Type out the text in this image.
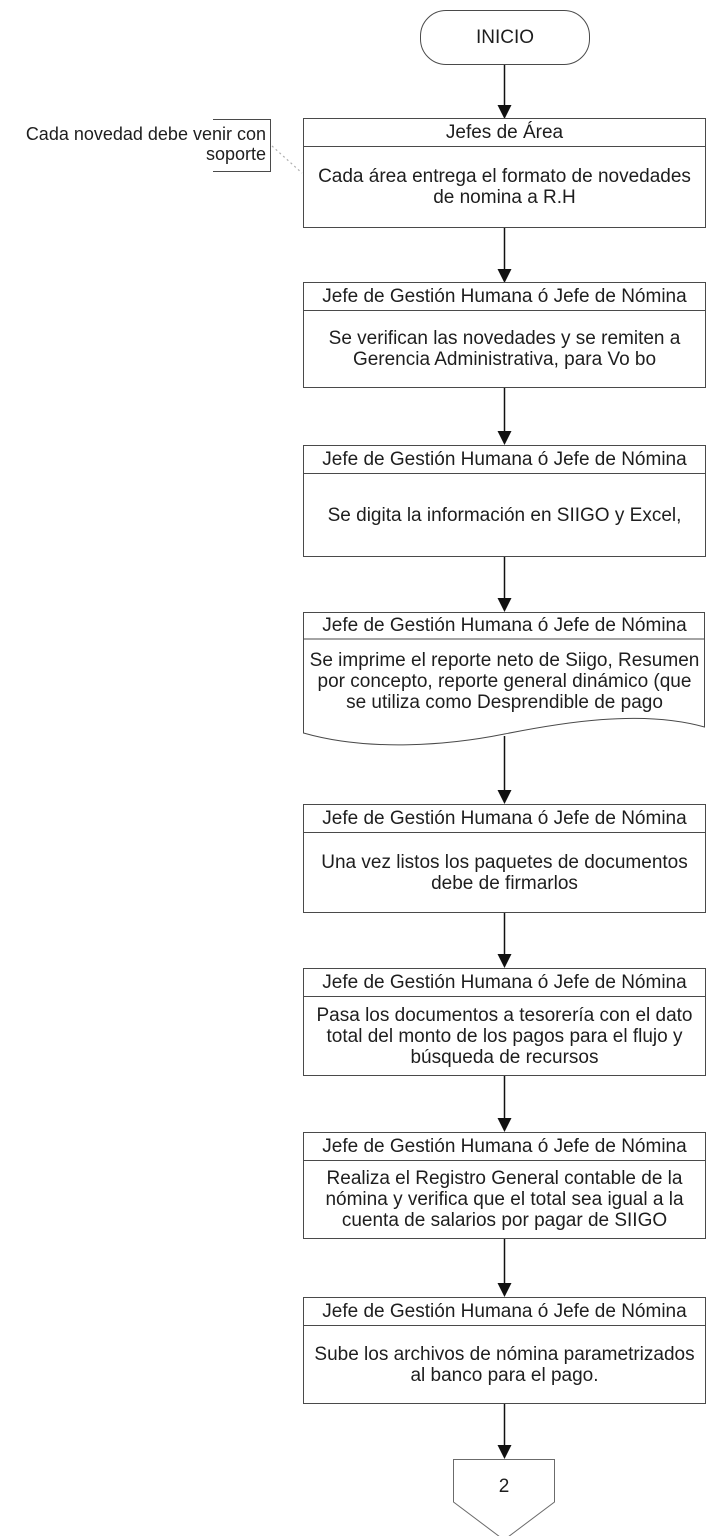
INICIO
Cada novedad debe venir con soporte
Jefes de Área
Cada área entrega el formato de novedades de nomina a R.H
Jefe de Gestión Humana ó Jefe de Nómina
Se verifican las novedades y se remiten a Gerencia Administrativa, para Vo bo
Jefe de Gestión Humana ó Jefe de Nómina
Se digita la información en SIIGO y Excel,
Jefe de Gestión Humana ó Jefe de Nómina
Se imprime el reporte neto de Siigo, Resumen por concepto, reporte general dinámico (que se utiliza como Desprendible de pago
Jefe de Gestión Humana ó Jefe de Nómina
Una vez listos los paquetes de documentos debe de firmarlos
Jefe de Gestión Humana ó Jefe de Nómina
Pasa los documentos a tesorería con el dato total del monto de los pagos para el flujo y búsqueda de recursos
Jefe de Gestión Humana ó Jefe de Nómina
Realiza el Registro General contable de la nómina y verifica que el total sea igual a la cuenta de salarios por pagar de SIIGO
Jefe de Gestión Humana ó Jefe de Nómina
Sube los archivos de nómina parametrizados al banco para el pago.
2
